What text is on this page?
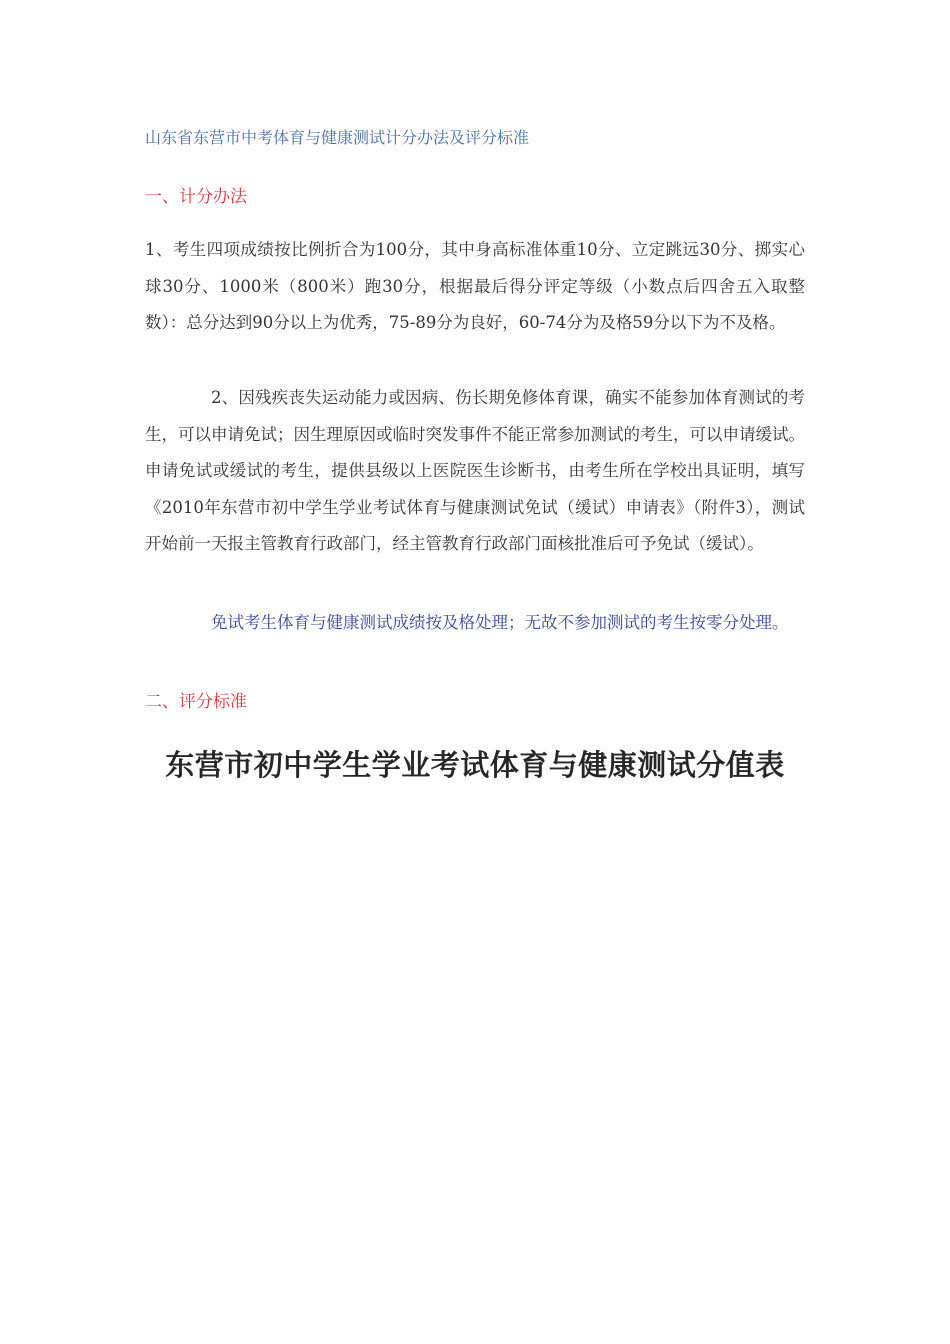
山东省东营市中考体育与健康测试计分办法及评分标准
一、计分办法
1、考生四项成绩按比例折合为100分，其中身高标准体重10分、立定跳远30分、掷实心球30分、1000米（800米）跑30分，根据最后得分评定等级（小数点后四舍五入取整数）：总分达到90分以上为优秀，75-89分为良好，60-74分为及格59分以下为不及格。
2、因残疾丧失运动能力或因病、伤长期免修体育课，确实不能参加体育测试的考生，可以申请免试；因生理原因或临时突发事件不能正常参加测试的考生，可以申请缓试。申请免试或缓试的考生，提供县级以上医院医生诊断书，由考生所在学校出具证明，填写《2010年东营市初中学生学业考试体育与健康测试免试（缓试）申请表》（附件3），测试开始前一天报主管教育行政部门，经主管教育行政部门面核批准后可予免试（缓试）。
免试考生体育与健康测试成绩按及格处理；无故不参加测试的考生按零分处理。
二、评分标准
东营市初中学生学业考试体育与健康测试分值表
